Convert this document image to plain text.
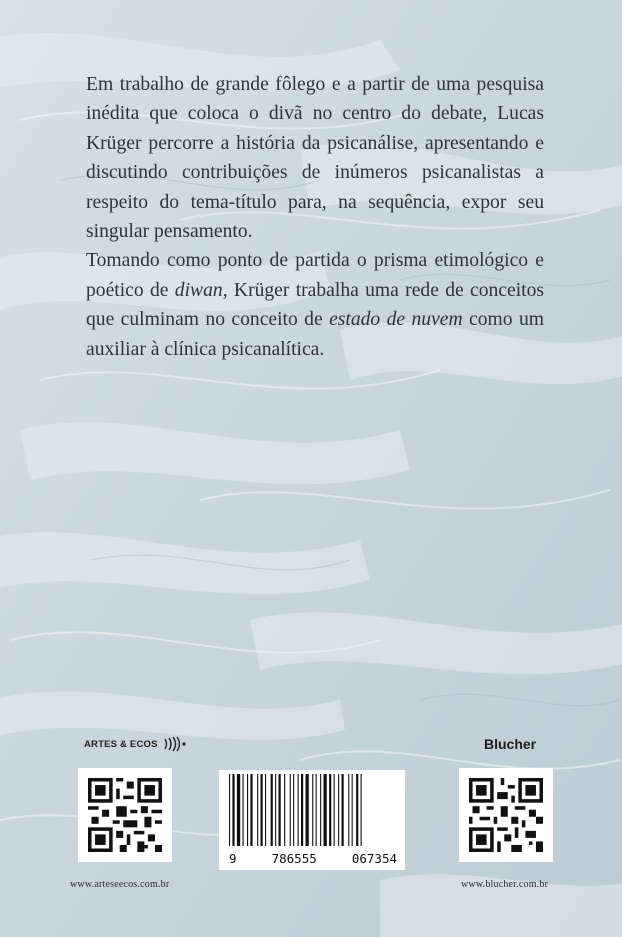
Em trabalho de grande fôlego e a partir de uma pesquisa inédita que coloca o divã no centro do debate, Lucas Krüger percorre a história da psicanálise, apresentando e discutindo contribuições de inúmeros psicanalistas a respeito do tema-título para, na sequência, expor seu singular pensamento.

Tomando como ponto de partida o prisma etimológico e poético de diwan, Krüger trabalha uma rede de conceitos que culminam no conceito de estado de nuvem como um auxiliar à clínica psicanalítica.

ARTES & ECOS	Blucher
9	786555	067354
www.arteseecos.com.br	www.blucher.com.br
